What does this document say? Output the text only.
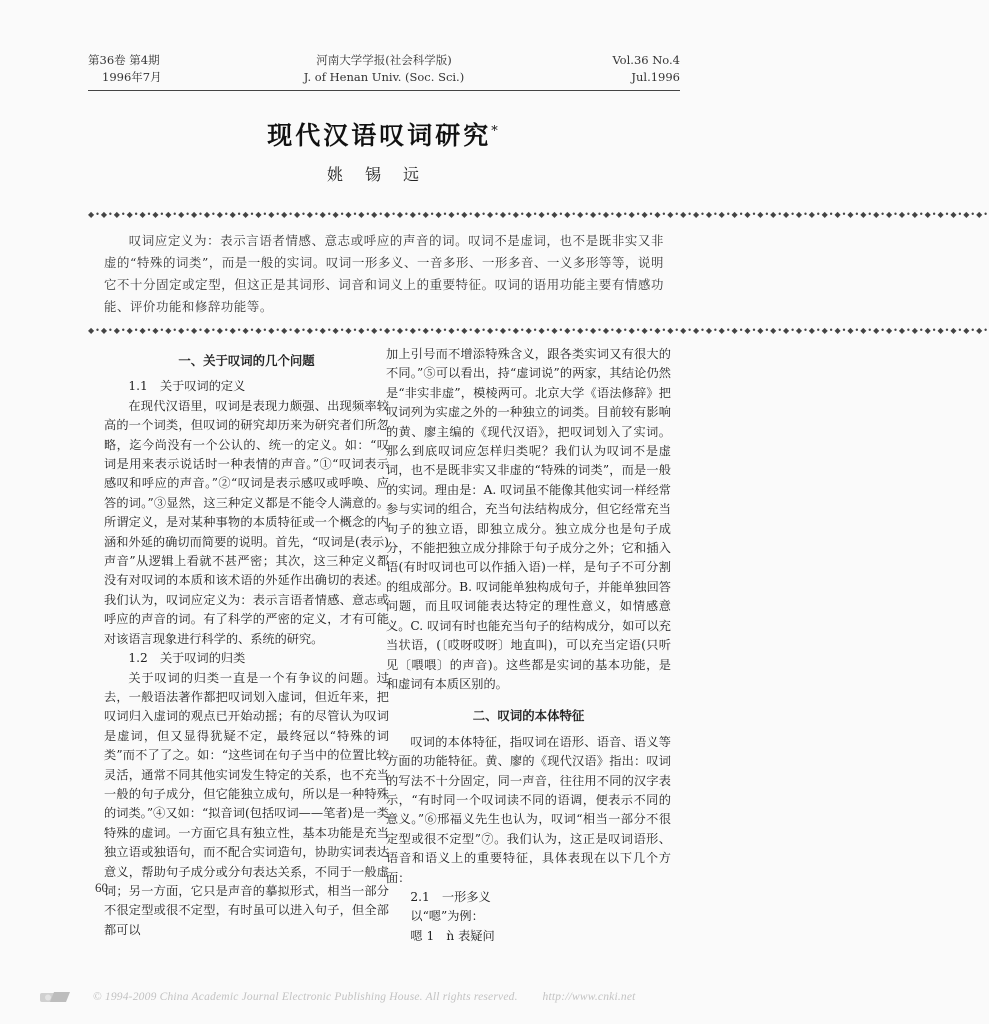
第36卷 第4期
1996年7月
河南大学学报(社会科学版)
J. of Henan Univ. (Soc. Sci.)
Vol.36 No.4
Jul.1996
现代汉语叹词研究*
姚锡远
◆•◆•◆•◆•◆•◆•◆•◆•◆•◆•◆•◆•◆•◆•◆•◆•◆•◆•◆•◆•◆•◆•◆•◆•◆•◆•◆•◆•◆•◆•◆•◆•◆•◆•◆•◆•◆•◆•◆•◆•◆•◆•◆•◆•◆•◆•◆•◆•◆•◆•◆•◆•◆•◆•◆•◆•◆•◆•◆•◆•◆•◆•◆•◆•◆•◆•◆•◆•◆•◆•

叹词应定义为：表示言语者情感、意志或呼应的声音的词。叹词不是虚词，也不是既非实又非虚的“特殊的词类”，而是一般的实词。叹词一形多义、一音多形、一形多音、一义多形等等，说明它不十分固定或定型，但这正是其词形、词音和词义上的重要特征。叹词的语用功能主要有情感功能、评价功能和修辞功能等。

◆•◆•◆•◆•◆•◆•◆•◆•◆•◆•◆•◆•◆•◆•◆•◆•◆•◆•◆•◆•◆•◆•◆•◆•◆•◆•◆•◆•◆•◆•◆•◆•◆•◆•◆•◆•◆•◆•◆•◆•◆•◆•◆•◆•◆•◆•◆•◆•◆•◆•◆•◆•◆•◆•◆•◆•◆•◆•◆•◆•◆•◆•◆•◆•◆•◆•◆•◆•◆•◆•
一、关于叹词的几个问题

1.1　关于叹词的定义

在现代汉语里，叹词是表现力颇强、出现频率较高的一个词类，但叹词的研究却历来为研究者们所忽略，迄今尚没有一个公认的、统一的定义。如：“叹词是用来表示说话时一种表情的声音。”①“叹词表示感叹和呼应的声音。”②“叹词是表示感叹或呼唤、应答的词。”③显然，这三种定义都是不能令人满意的。所谓定义，是对某种事物的本质特征或一个概念的内涵和外延的确切而简要的说明。首先，“叹词是(表示)声音”从逻辑上看就不甚严密；其次，这三种定义都没有对叹词的本质和该术语的外延作出确切的表述。我们认为，叹词应定义为：表示言语者情感、意志或呼应的声音的词。有了科学的严密的定义，才有可能对该语言现象进行科学的、系统的研究。

1.2　关于叹词的归类

关于叹词的归类一直是一个有争议的问题。过去，一般语法著作都把叹词划入虚词，但近年来，把叹词归入虚词的观点已开始动摇；有的尽管认为叹词是虚词，但又显得犹疑不定，最终冠以“特殊的词类”而不了了之。如：“这些词在句子当中的位置比较灵活，通常不同其他实词发生特定的关系，也不充当一般的句子成分，但它能独立成句，所以是一种特殊的词类。”④又如：“拟音词(包括叹词——笔者)是一类特殊的虚词。一方面它具有独立性，基本功能是充当独立语或独语句，而不配合实词造句，协助实词表达意义，帮助句子成分或分句表达关系，不同于一般虚词；另一方面，它只是声音的摹拟形式，相当一部分不很定型或很不定型，有时虽可以进入句子，但全部都可以

加上引号而不增添特殊含义，跟各类实词又有很大的不同。”⑤可以看出，持“虚词说”的两家，其结论仍然是“非实非虚”，模棱两可。北京大学《语法修辞》把叹词列为实虚之外的一种独立的词类。目前较有影响的黄、廖主编的《现代汉语》，把叹词划入了实词。那么到底叹词应怎样归类呢？我们认为叹词不是虚词，也不是既非实又非虚的“特殊的词类”，而是一般的实词。理由是：A. 叹词虽不能像其他实词一样经常参与实词的组合，充当句法结构成分，但它经常充当句子的独立语，即独立成分。独立成分也是句子成分，不能把独立成分排除于句子成分之外；它和插入语(有时叹词也可以作插入语)一样，是句子不可分割的组成部分。B. 叹词能单独构成句子，并能单独回答问题，而且叹词能表达特定的理性意义，如情感意义。C. 叹词有时也能充当句子的结构成分，如可以充当状语，(〔哎呀哎呀〕地直叫)，可以充当定语(只听见〔喂喂〕的声音)。这些都是实词的基本功能，是和虚词有本质区别的。

二、叹词的本体特征

叹词的本体特征，指叹词在语形、语音、语义等方面的功能特征。黄、廖的《现代汉语》指出：叹词的写法不十分固定，同一声音，往往用不同的汉字表示，“有时同一个叹词读不同的语调，便表示不同的意义。”⑥邢福义先生也认为，叹词“相当一部分不很定型或很不定型”⑦。我们认为，这正是叹词语形、语音和语义上的重要特征，具体表现在以下几个方面：

2.1　一形多义

以“嗯”为例：

嗯 1　ǹ 表疑问

60
© 1994-2009 China Academic Journal Electronic Publishing House. All rights reserved. http://www.cnki.net
